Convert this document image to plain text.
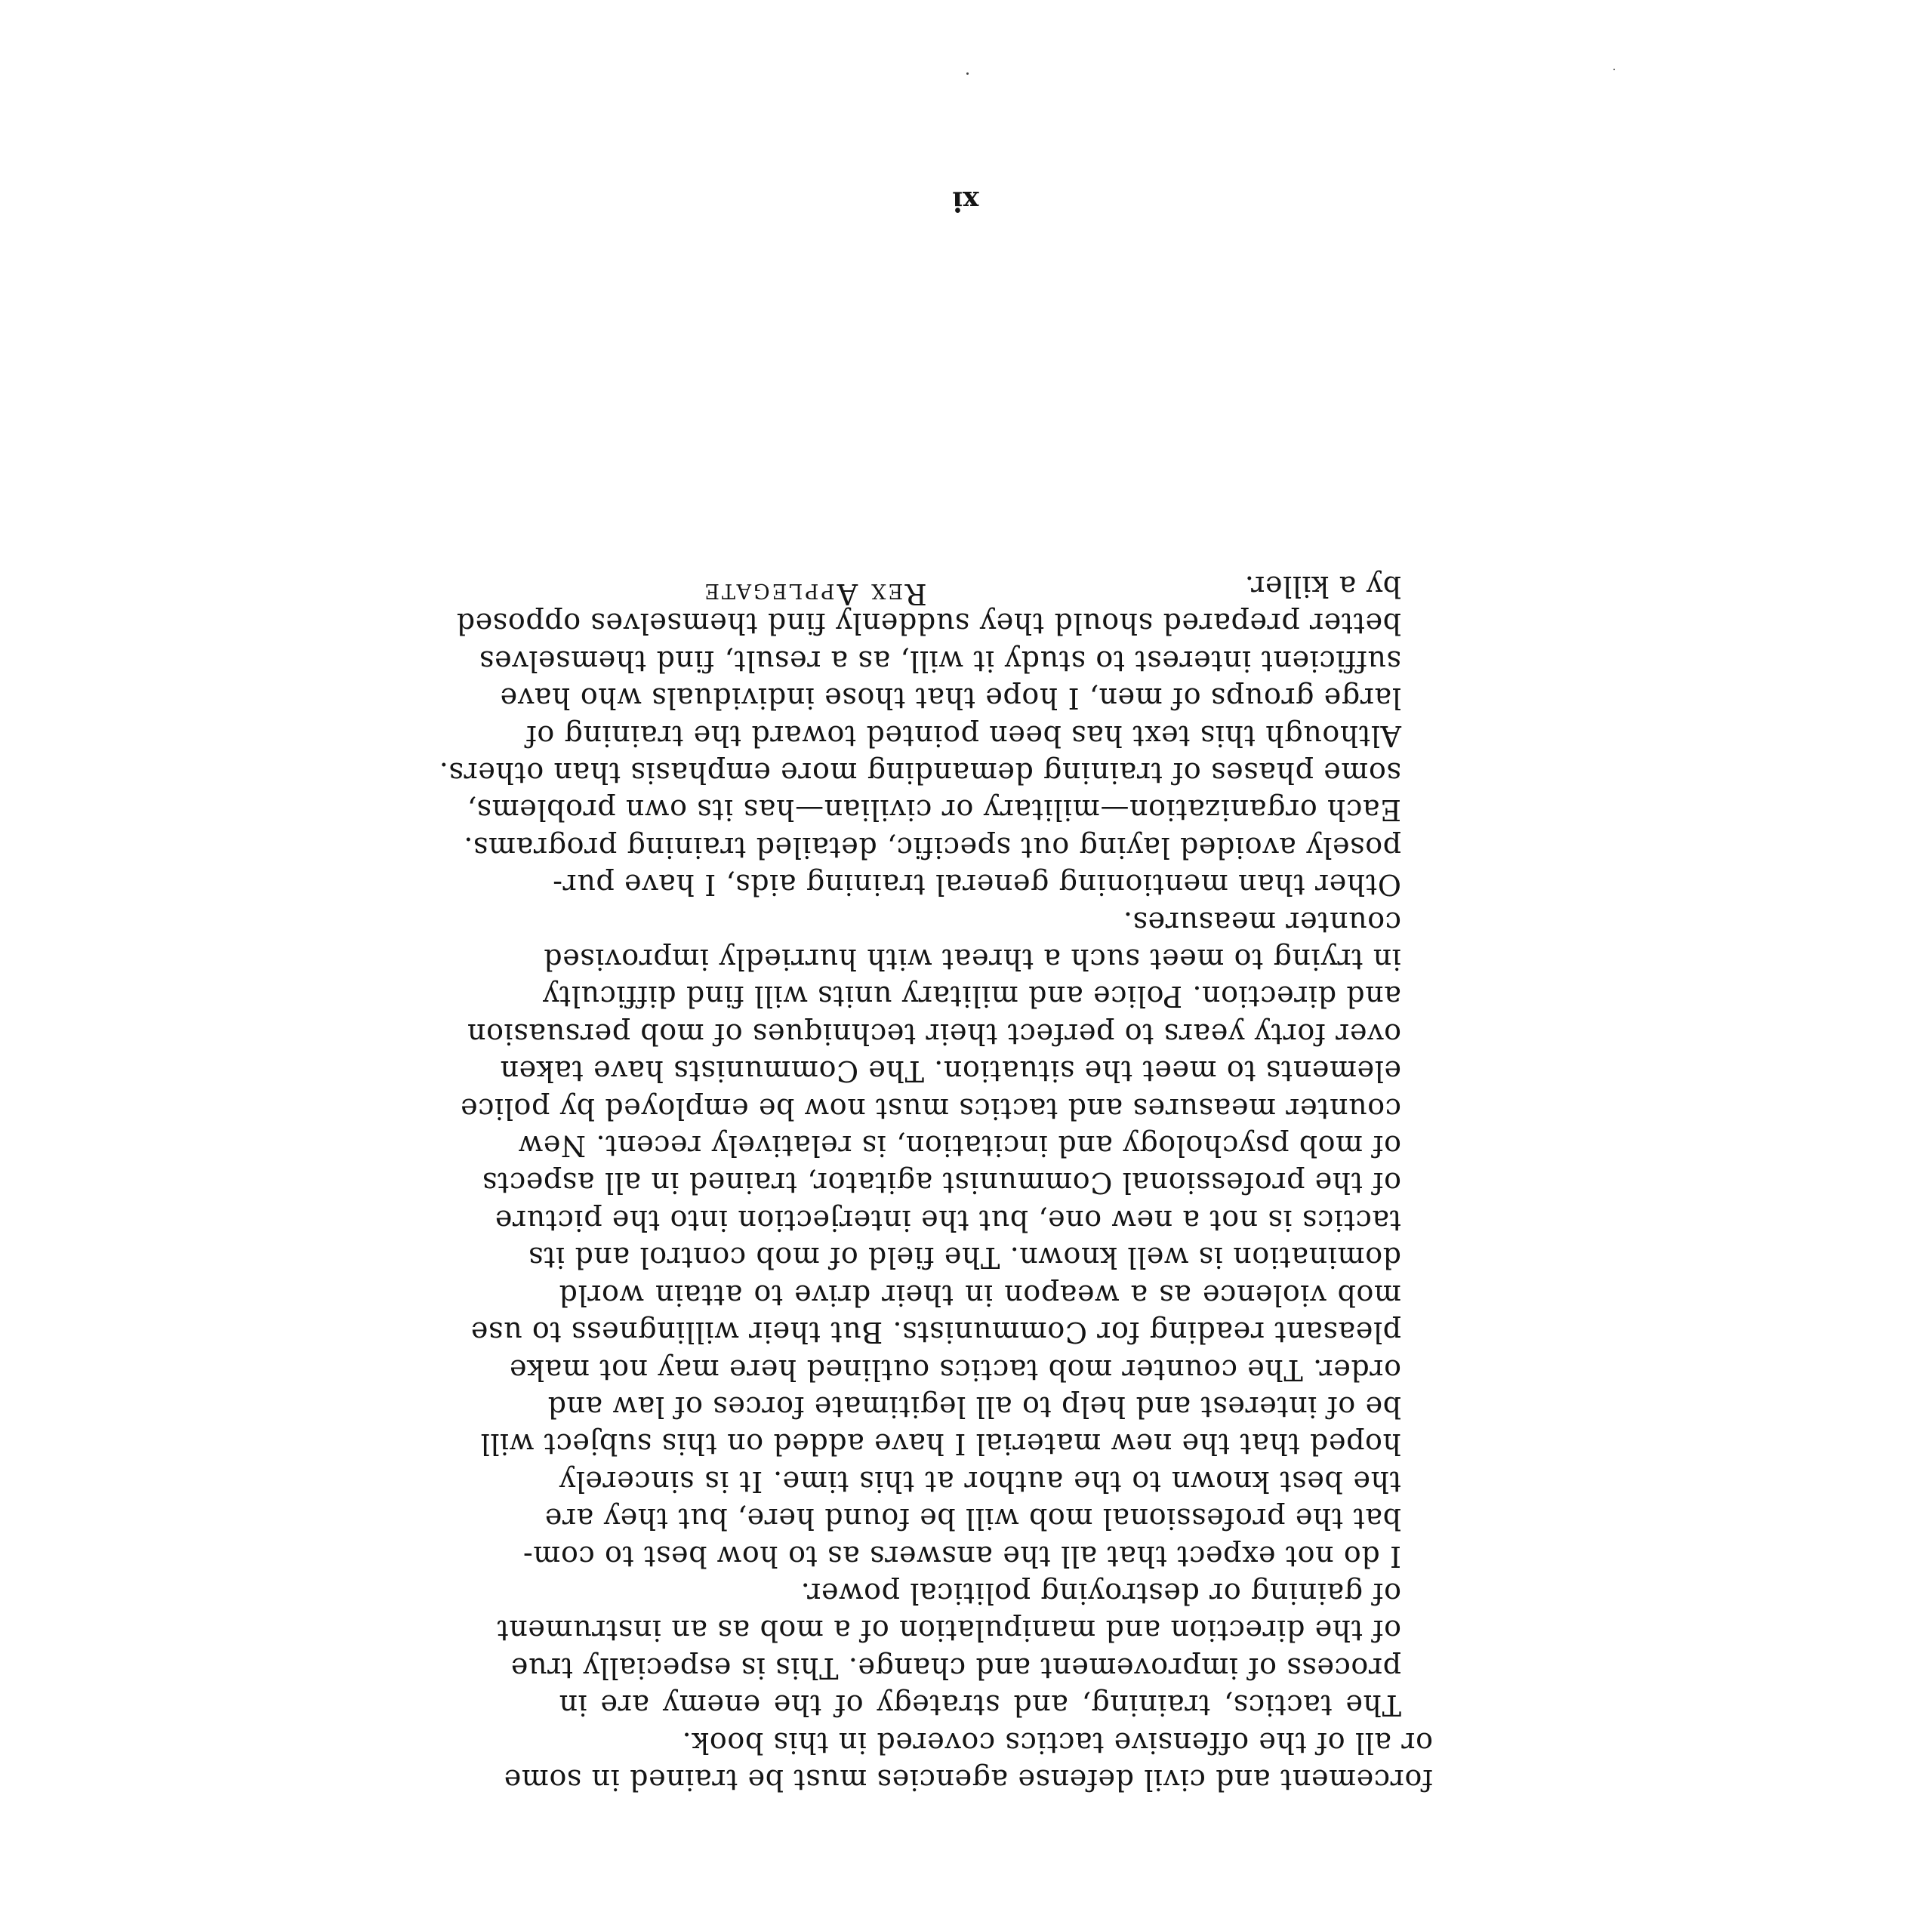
forcement and civil defense agencies must be trained in some
or all of the offensive tactics covered in this book.
The tactics, training, and strategy of the enemy are in
process of improvement and change. This is especially true
of the direction and manipulation of a mob as an instrument
of gaining or destroying political power.
I do not expect that all the answers as to how best to com-
bat the professional mob will be found here, but they are
the best known to the author at this time. It is sincerely
hoped that the new material I have added on this subject will
be of interest and help to all legitimate forces of law and
order. The counter mob tactics outlined here may not make
pleasant reading for Communists. But their willingness to use
mob violence as a weapon in their drive to attain world
domination is well known. The field of mob control and its
tactics is not a new one, but the interjection into the picture
of the professional Communist agitator, trained in all aspects
of mob psychology and incitation, is relatively recent. New
counter measures and tactics must now be employed by police
elements to meet the situation. The Communists have taken
over forty years to perfect their techniques of mob persuasion
and direction. Police and military units will find difficulty
in trying to meet such a threat with hurriedly improvised
counter measures.
Other than mentioning general training aids, I have pur-
posely avoided laying out specific, detailed training programs.
Each organization—military or civilian—has its own problems,
some phases of training demanding more emphasis than others.
Although this text has been pointed toward the training of
large groups of men, I hope that those individuals who have
sufficient interest to study it will, as a result, find themselves
better prepared should they suddenly find themselves opposed
by a killer.
Rex Applegate
xi
